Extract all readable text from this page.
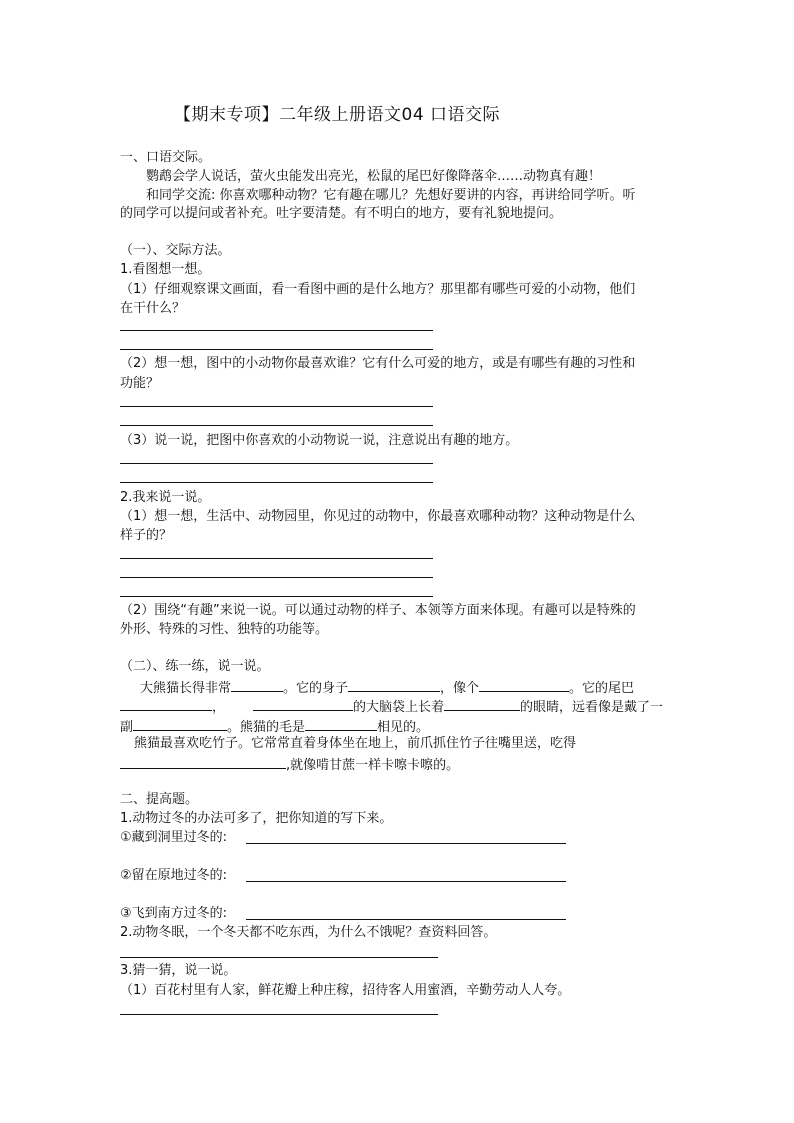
【期末专项】二年级上册语文04 口语交际
一、口语交际。
鹦鹉会学人说话，萤火虫能发出亮光，松鼠的尾巴好像降落伞……动物真有趣！
和同学交流: 你喜欢哪种动物？它有趣在哪儿？先想好要讲的内容，再讲给同学听。听
的同学可以提问或者补充。吐字要清楚。有不明白的地方，要有礼貌地提问。
（一）、交际方法。
1.看图想一想。
（1）仔细观察课文画面，看一看图中画的是什么地方？那里都有哪些可爱的小动物，他们
在干什么？
（2）想一想，图中的小动物你最喜欢谁？它有什么可爱的地方，或是有哪些有趣的习性和
功能？
（3）说一说，把图中你喜欢的小动物说一说，注意说出有趣的地方。
2.我来说一说。
（1）想一想，生活中、动物园里，你见过的动物中，你最喜欢哪种动物？这种动物是什么
样子的？
（2）围绕“有趣”来说一说。可以通过动物的样子、本领等方面来体现。有趣可以是特殊的
外形、特殊的习性、独特的功能等。
（二）、练一练，说一说。
大熊猫长得非常	。它的身子	，像个	。它的尾巴
，	的大脑袋上长着	的眼睛，远看像是戴了一
副	。熊猫的毛是	相见的。
熊猫最喜欢吃竹子。它常常直着身体坐在地上，前爪抓住竹子往嘴里送，吃得
,就像啃甘蔗一样卡嚓卡嚓的。
二、提高题。
1.动物过冬的办法可多了，把你知道的写下来。
①藏到洞里过冬的:
②留在原地过冬的:
③飞到南方过冬的:
2.动物冬眠，一个冬天都不吃东西，为什么不饿呢？查资料回答。
3.猜一猜，说一说。
（1）百花村里有人家，鲜花瓣上种庄稼，招待客人用蜜酒，辛勤劳动人人夸。
